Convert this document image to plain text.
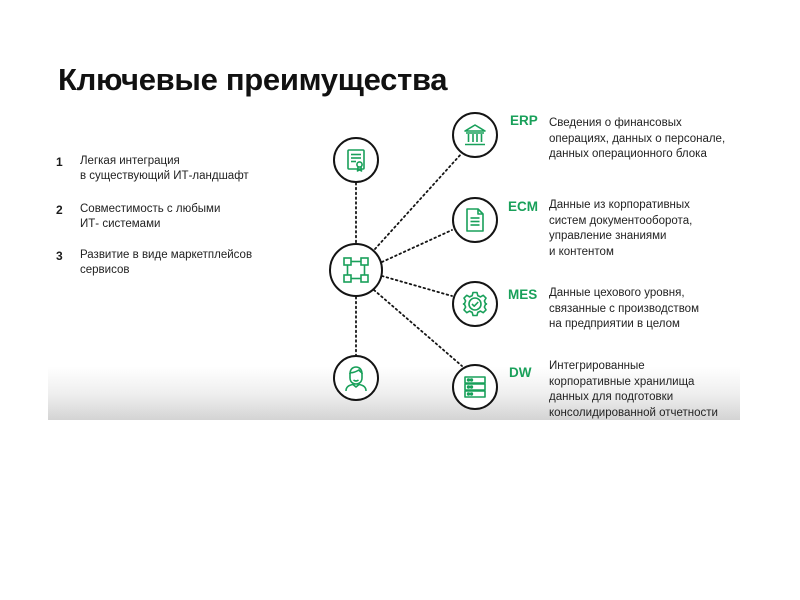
Ключевые преимущества
1	Легкая интеграция
в существующий ИТ-ландшафт
2	Совместимость с любыми
ИТ- системами
3	Развитие в виде маркетплейсов
сервисов
ERP Сведения о финансовых
операциях, данных о персонале,
данных операционного блока
ECM Данные из корпоративных
систем документооборота,
управление знаниями
и контентом
MES Данные цехового уровня,
связанные с производством
на предприятии в целом
DW Интегрированные
корпоративные хранилища
данных для подготовки
консолидированной отчетности
